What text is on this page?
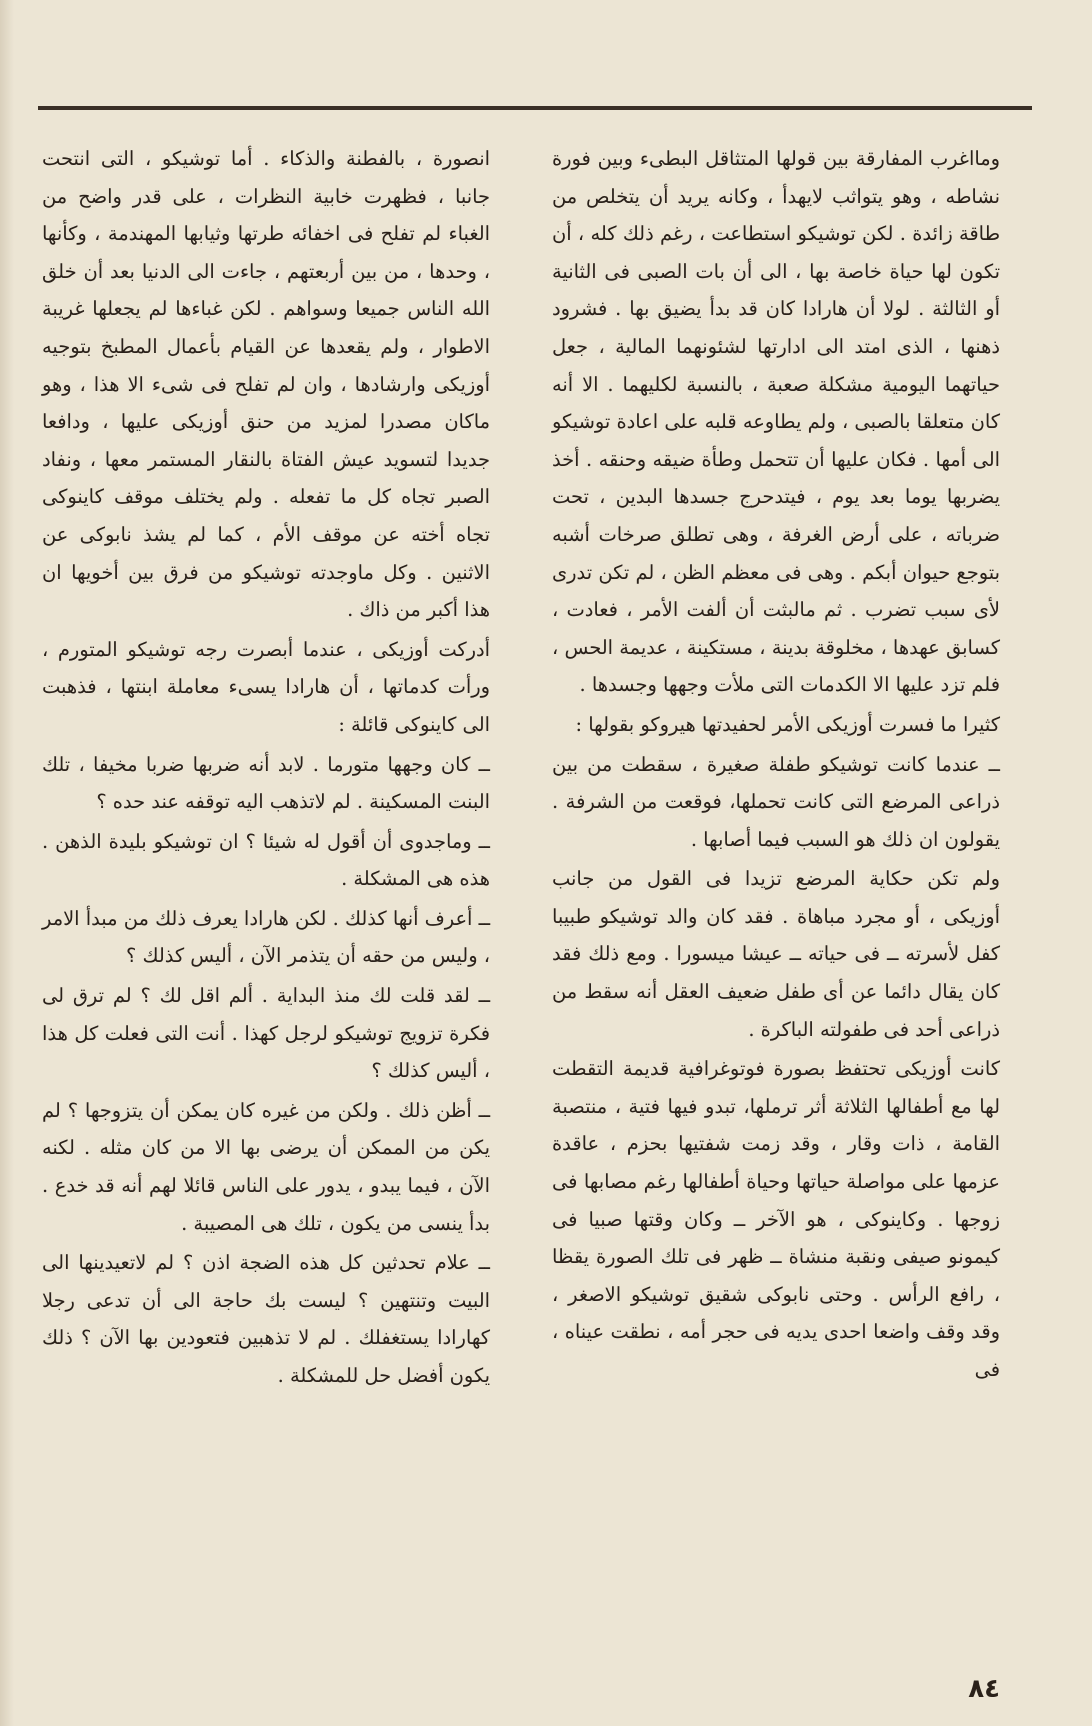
ومااغرب المفارقة بين قولها المتثاقل البطىء وبين فورة نشاطه ، وهو يتواثب لايهدأ ، وكانه يريد أن يتخلص من طاقة زائدة . لكن توشيكو استطاعت ، رغم ذلك كله ، أن تكون لها حياة خاصة بها ، الى أن بات الصبى فى الثانية أو الثالثة . لولا أن هارادا كان قد بدأ يضيق بها . فشرود ذهنها ، الذى امتد الى ادارتها لشئونهما المالية ، جعل حياتهما اليومية مشكلة صعبة ، بالنسبة لكليهما . الا أنه كان متعلقا بالصبى ، ولم يطاوعه قلبه على اعادة توشيكو الى أمها . فكان عليها أن تتحمل وطأة ضيقه وحنقه . أخذ يضربها يوما بعد يوم ، فيتدحرج جسدها البدين ، تحت ضرباته ، على أرض الغرفة ، وهى تطلق صرخات أشبه بتوجع حيوان أبكم . وهى فى معظم الظن ، لم تكن تدرى لأى سبب تضرب . ثم مالبثت أن ألفت الأمر ، فعادت ، كسابق عهدها ، مخلوقة بدينة ، مستكينة ، عديمة الحس ، فلم تزد عليها الا الكدمات التى ملأت وجهها وجسدها .

كثيرا ما فسرت أوزيكى الأمر لحفيدتها هيروكو بقولها :

ــ عندما كانت توشيكو طفلة صغيرة ، سقطت من بين ذراعى المرضع التى كانت تحملها، فوقعت من الشرفة . يقولون ان ذلك هو السبب فيما أصابها .

ولم تكن حكاية المرضع تزيدا فى القول من جانب أوزيكى ، أو مجرد مباهاة . فقد كان والد توشيكو طبيبا كفل لأسرته ــ فى حياته ــ عيشا ميسورا . ومع ذلك فقد كان يقال دائما عن أى طفل ضعيف العقل أنه سقط من ذراعى أحد فى طفولته الباكرة .

كانت أوزيكى تحتفظ بصورة فوتوغرافية قديمة التقطت لها مع أطفالها الثلاثة أثر ترملها، تبدو فيها فتية ، منتصبة القامة ، ذات وقار ، وقد زمت شفتيها بحزم ، عاقدة عزمها على مواصلة حياتها وحياة أطفالها رغم مصابها فى زوجها . وكاينوكى ، هو الآخر ــ وكان وقتها صبيا فى كيمونو صيفى ونقبة منشاة ــ ظهر فى تلك الصورة يقظا ، رافع الرأس . وحتى نابوكى شقيق توشيكو الاصغر ، وقد وقف واضعا احدى يديه فى حجر أمه ، نطقت عيناه ، فى

انصورة ، بالفطنة والذكاء . أما توشيكو ، التى انتحت جانبا ، فظهرت خابية النظرات ، على قدر واضح من الغباء لم تفلح فى اخفائه طرتها وثيابها المهندمة ، وكأنها ، وحدها ، من بين أربعتهم ، جاءت الى الدنيا بعد أن خلق الله الناس جميعا وسواهم . لكن غباءها لم يجعلها غريبة الاطوار ، ولم يقعدها عن القيام بأعمال المطبخ بتوجيه أوزيكى وارشادها ، وان لم تفلح فى شىء الا هذا ، وهو ماكان مصدرا لمزيد من حنق أوزيكى عليها ، ودافعا جديدا لتسويد عيش الفتاة بالنقار المستمر معها ، ونفاد الصبر تجاه كل ما تفعله . ولم يختلف موقف كاينوكى تجاه أخته عن موقف الأم ، كما لم يشذ نابوكى عن الاثنين . وكل ماوجدته توشيكو من فرق بين أخويها ان هذا أكبر من ذاك .

أدركت أوزيكى ، عندما أبصرت رجه توشيكو المتورم ، ورأت كدماتها ، أن هارادا يسىء معاملة ابنتها ، فذهبت الى كاينوكى قائلة :

ــ كان وجهها متورما . لابد أنه ضربها ضربا مخيفا ، تلك البنت المسكينة . لم لاتذهب اليه توقفه عند حده ؟

ــ وماجدوى أن أقول له شيئا ؟ ان توشيكو بليدة الذهن . هذه هى المشكلة .

ــ أعرف أنها كذلك . لكن هارادا يعرف ذلك من مبدأ الامر ، وليس من حقه أن يتذمر الآن ، أليس كذلك ؟

ــ لقد قلت لك منذ البداية . ألم اقل لك ؟ لم ترق لى فكرة تزويج توشيكو لرجل كهذا . أنت التى فعلت كل هذا ، أليس كذلك ؟

ــ أظن ذلك . ولكن من غيره كان يمكن أن يتزوجها ؟ لم يكن من الممكن أن يرضى بها الا من كان مثله . لكنه الآن ، فيما يبدو ، يدور على الناس قائلا لهم أنه قد خدع . بدأ ينسى من يكون ، تلك هى المصيبة .

ــ علام تحدثين كل هذه الضجة اذن ؟ لم لاتعيدينها الى البيت وتنتهين ؟ ليست بك حاجة الى أن تدعى رجلا كهارادا يستغفلك . لم لا تذهبين فتعودين بها الآن ؟ ذلك يكون أفضل حل للمشكلة .

٨٤
